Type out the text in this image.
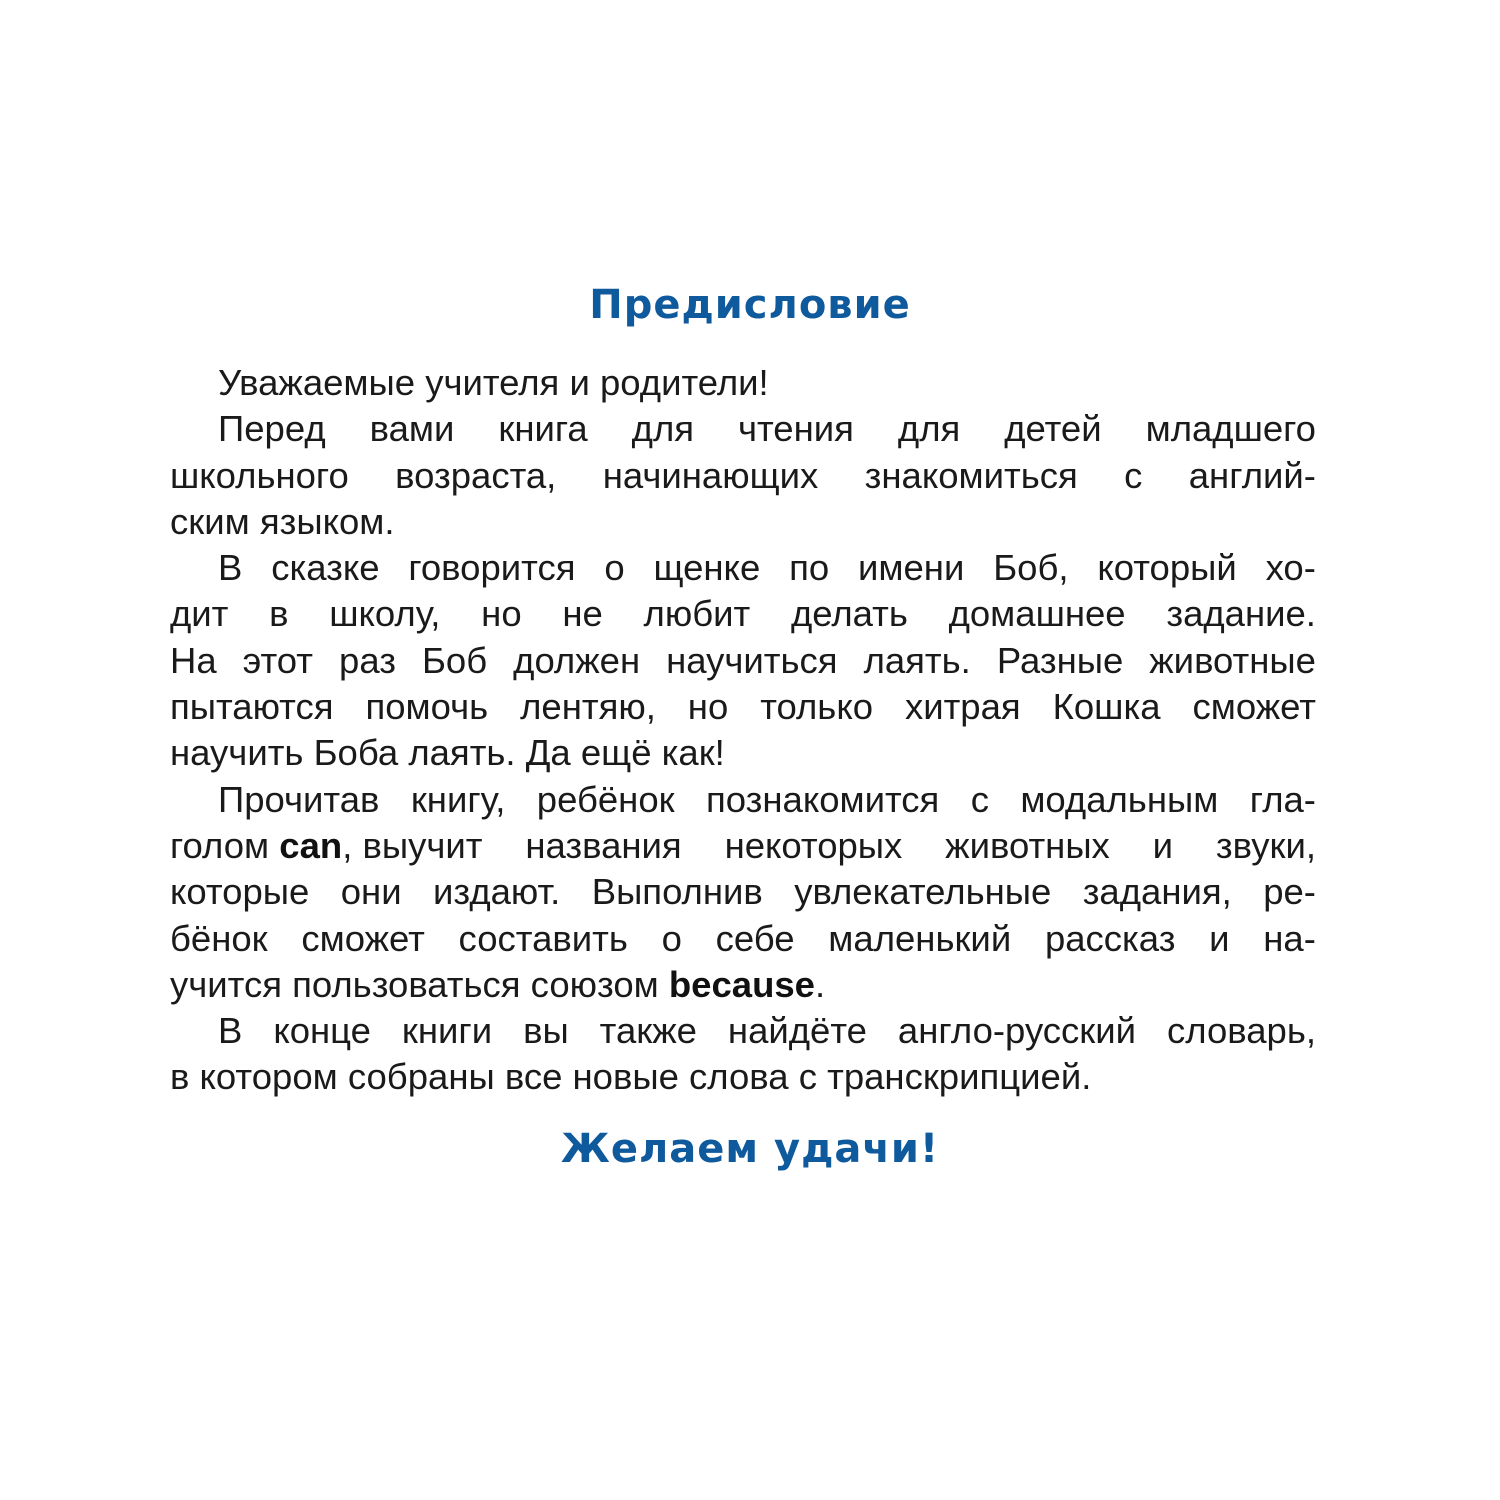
Предисловие
Уважаемые учителя и родители!
Перед вами книга для чтения для детей младшего
школьного возраста, начинающих знакомиться с англий-
ским языком.
В сказке говорится о щенке по имени Боб, который хо-
дит в школу, но не любит делать домашнее задание.
На этот раз Боб должен научиться лаять. Разные животные
пытаются помочь лентяю, но только хитрая Кошка сможет
научить Боба лаять. Да ещё как!
Прочитав книгу, ребёнок познакомится с модальным гла-
голом can, выучит названия некоторых животных и звуки,
которые они издают. Выполнив увлекательные задания, ре-
бёнок сможет составить о себе маленький рассказ и на-
учится пользоваться союзом because.
В конце книги вы также найдёте англо-русский словарь,
в котором собраны все новые слова с транскрипцией.
Желаем удачи!
